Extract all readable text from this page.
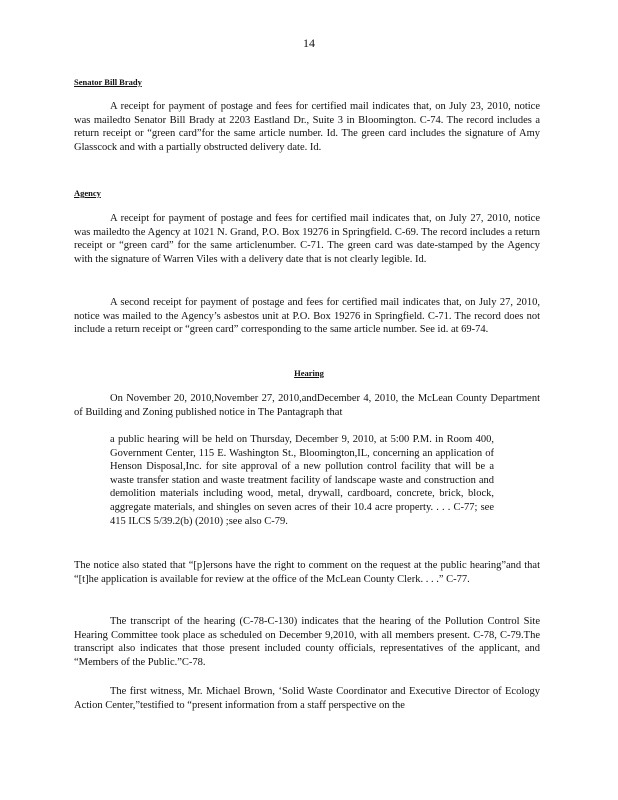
14
Senator Bill Brady
A receipt for payment of postage and fees for certified mail indicates that, on July 23, 2010, notice was mailedto Senator Bill Brady at 2203 Eastland Dr., Suite 3 in Bloomington. C-74. The record includes a return receipt or “green card”for the same article number. Id. The green card includes the signature of Amy Glasscock and with a partially obstructed delivery date. Id.
Agency
A receipt for payment of postage and fees for certified mail indicates that, on July 27, 2010, notice was mailedto the Agency at 1021 N. Grand, P.O. Box 19276 in Springfield. C-69. The record includes a return receipt or “green card” for the same articlenumber. C-71. The green card was date-stamped by the Agency with the signature of Warren Viles with a delivery date that is not clearly legible. Id.
A second receipt for payment of postage and fees for certified mail indicates that, on July 27, 2010, notice was mailed to the Agency’s asbestos unit at P.O. Box 19276 in Springfield. C-71. The record does not include a return receipt or “green card” corresponding to the same article number. See id. at 69-74.
Hearing
On November 20, 2010,November 27, 2010,andDecember 4, 2010, the McLean County Department of Building and Zoning published notice in The Pantagraph that
a public hearing will be held on Thursday, December 9, 2010, at 5:00 P.M. in Room 400, Government Center, 115 E. Washington St., Bloomington,IL, concerning an application of Henson Disposal,Inc. for site approval of a new pollution control facility that will be a waste transfer station and waste treatment facility of landscape waste and construction and demolition materials including wood, metal, drywall, cardboard, concrete, brick, block, aggregate materials, and shingles on seven acres of their 10.4 acre property. . . . C-77; see 415 ILCS 5/39.2(b) (2010) ;see also C-79.
The notice also stated that “[p]ersons have the right to comment on the request at the public hearing”and that “[t]he application is available for review at the office of the McLean County Clerk. . . .” C-77.
The transcript of the hearing (C-78-C-130) indicates that the hearing of the Pollution Control Site Hearing Committee took place as scheduled on December 9,2010, with all members present. C-78, C-79.The transcript also indicates that those present included county officials, representatives of the applicant, and “Members of the Public.”C-78.
The first witness, Mr. Michael Brown, ‘Solid Waste Coordinator and Executive Director of Ecology Action Center,”testified to “present information from a staff perspective on the
